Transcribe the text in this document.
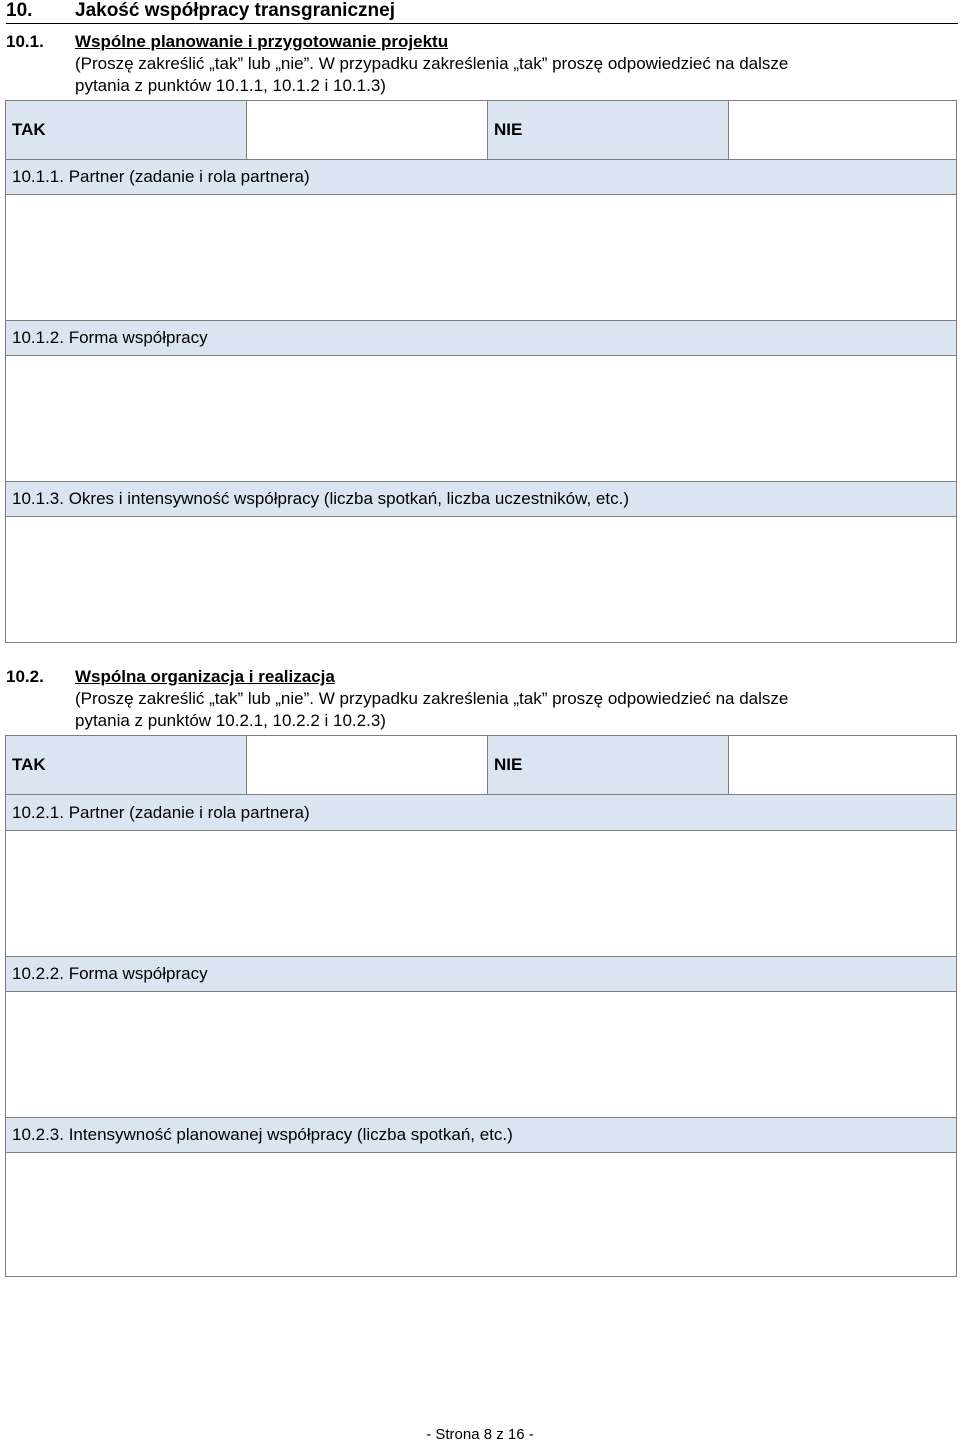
10. Jakość współpracy transgranicznej
10.1. Wspólne planowanie i przygotowanie projektu
(Proszę zakreślić „tak” lub „nie”. W przypadku zakreślenia „tak” proszę odpowiedzieć na dalsze
pytania z punktów 10.1.1, 10.1.2 i 10.1.3)
TAK		NIE	
10.1.1. Partner (zadanie i rola partnera)

10.1.2. Forma współpracy

10.1.3. Okres i intensywność współpracy (liczba spotkań, liczba uczestników, etc.)

10.2. Wspólna organizacja i realizacja
(Proszę zakreślić „tak” lub „nie”. W przypadku zakreślenia „tak” proszę odpowiedzieć na dalsze
pytania z punktów 10.2.1, 10.2.2 i 10.2.3)
TAK		NIE	
10.2.1. Partner (zadanie i rola partnera)

10.2.2. Forma współpracy

10.2.3. Intensywność planowanej współpracy (liczba spotkań, etc.)

- Strona 8 z 16 -
